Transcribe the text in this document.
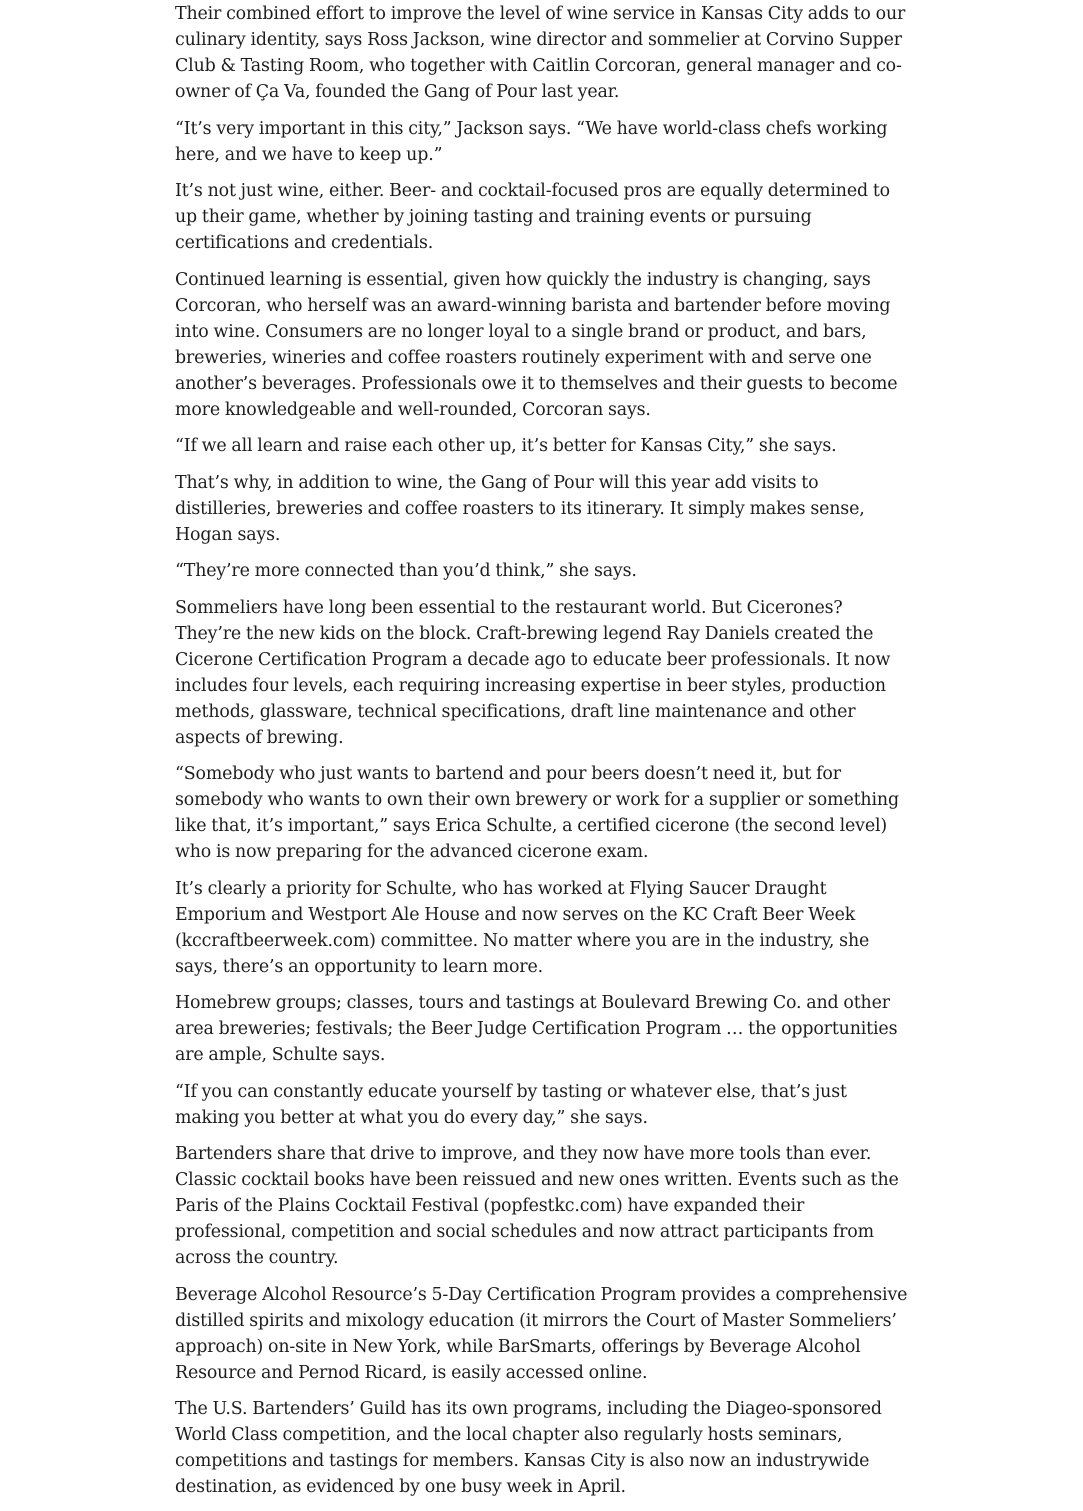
Their combined effort to improve the level of wine service in Kansas City adds to our culinary identity, says Ross Jackson, wine director and sommelier at Corvino Supper Club & Tasting Room, who together with Caitlin Corcoran, general manager and co-owner of Ça Va, founded the Gang of Pour last year.

“It’s very important in this city,” Jackson says. “We have world-class chefs working here, and we have to keep up.”

It’s not just wine, either. Beer- and cocktail-focused pros are equally determined to up their game, whether by joining tasting and training events or pursuing certifications and credentials.

Continued learning is essential, given how quickly the industry is changing, says Corcoran, who herself was an award-winning barista and bartender before moving into wine. Consumers are no longer loyal to a single brand or product, and bars, breweries, wineries and coffee roasters routinely experiment with and serve one another’s beverages. Professionals owe it to themselves and their guests to become more knowledgeable and well-rounded, Corcoran says.

“If we all learn and raise each other up, it’s better for Kansas City,” she says.

That’s why, in addition to wine, the Gang of Pour will this year add visits to distilleries, breweries and coffee roasters to its itinerary. It simply makes sense, Hogan says.

“They’re more connected than you’d think,” she says.

Sommeliers have long been essential to the restaurant world. But Cicerones? They’re the new kids on the block. Craft-brewing legend Ray Daniels created the Cicerone Certification Program a decade ago to educate beer professionals. It now includes four levels, each requiring increasing expertise in beer styles, production methods, glassware, technical specifications, draft line maintenance and other aspects of brewing.

“Somebody who just wants to bartend and pour beers doesn’t need it, but for somebody who wants to own their own brewery or work for a supplier or something like that, it’s important,” says Erica Schulte, a certified cicerone (the second level) who is now preparing for the advanced cicerone exam.

It’s clearly a priority for Schulte, who has worked at Flying Saucer Draught Emporium and Westport Ale House and now serves on the KC Craft Beer Week (kccraftbeerweek.com) committee. No matter where you are in the industry, she says, there’s an opportunity to learn more.

Homebrew groups; classes, tours and tastings at Boulevard Brewing Co. and other area breweries; festivals; the Beer Judge Certification Program … the opportunities are ample, Schulte says.

“If you can constantly educate yourself by tasting or whatever else, that’s just making you better at what you do every day,” she says.

Bartenders share that drive to improve, and they now have more tools than ever. Classic cocktail books have been reissued and new ones written. Events such as the Paris of the Plains Cocktail Festival (popfestkc.com) have expanded their professional, competition and social schedules and now attract participants from across the country.

Beverage Alcohol Resource’s 5-Day Certification Program provides a comprehensive distilled spirits and mixology education (it mirrors the Court of Master Sommeliers’ approach) on-site in New York, while BarSmarts, offerings by Beverage Alcohol Resource and Pernod Ricard, is easily accessed online.

The U.S. Bartenders’ Guild has its own programs, including the Diageo-sponsored World Class competition, and the local chapter also regularly hosts seminars, competitions and tastings for members. Kansas City is also now an industrywide destination, as evidenced by one busy week in April.
